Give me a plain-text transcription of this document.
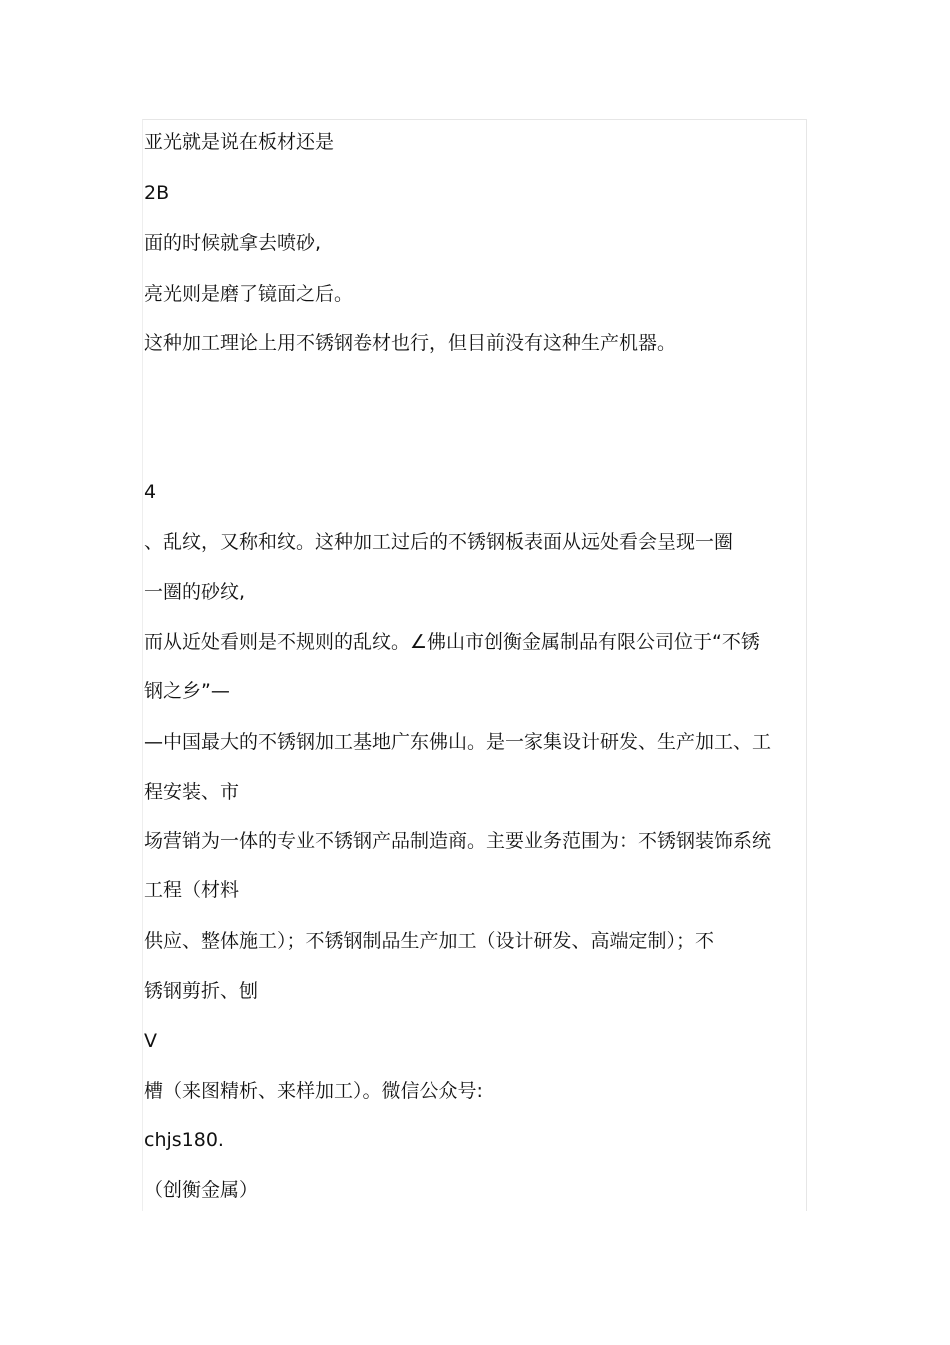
亚光就是说在板材还是
2B
面的时候就拿去喷砂,
亮光则是磨了镜面之后。
这种加工理论上用不锈钢卷材也行，但目前没有这种生产机器。
4
、乱纹，又称和纹。这种加工过后的不锈钢板表面从远处看会呈现一圈
一圈的砂纹,
而从近处看则是不规则的乱纹。∠佛山市创衡金属制品有限公司位于“不锈
钢之乡”—
—中国最大的不锈钢加工基地广东佛山。是一家集设计研发、生产加工、工
程安装、市
场营销为一体的专业不锈钢产品制造商。主要业务范围为：不锈钢装饰系统
工程（材料
供应、整体施工）；不锈钢制品生产加工（设计研发、高端定制）；不
锈钢剪折、刨
V
槽（来图精析、来样加工）。微信公众号:
chjs180.
（创衡金属）
